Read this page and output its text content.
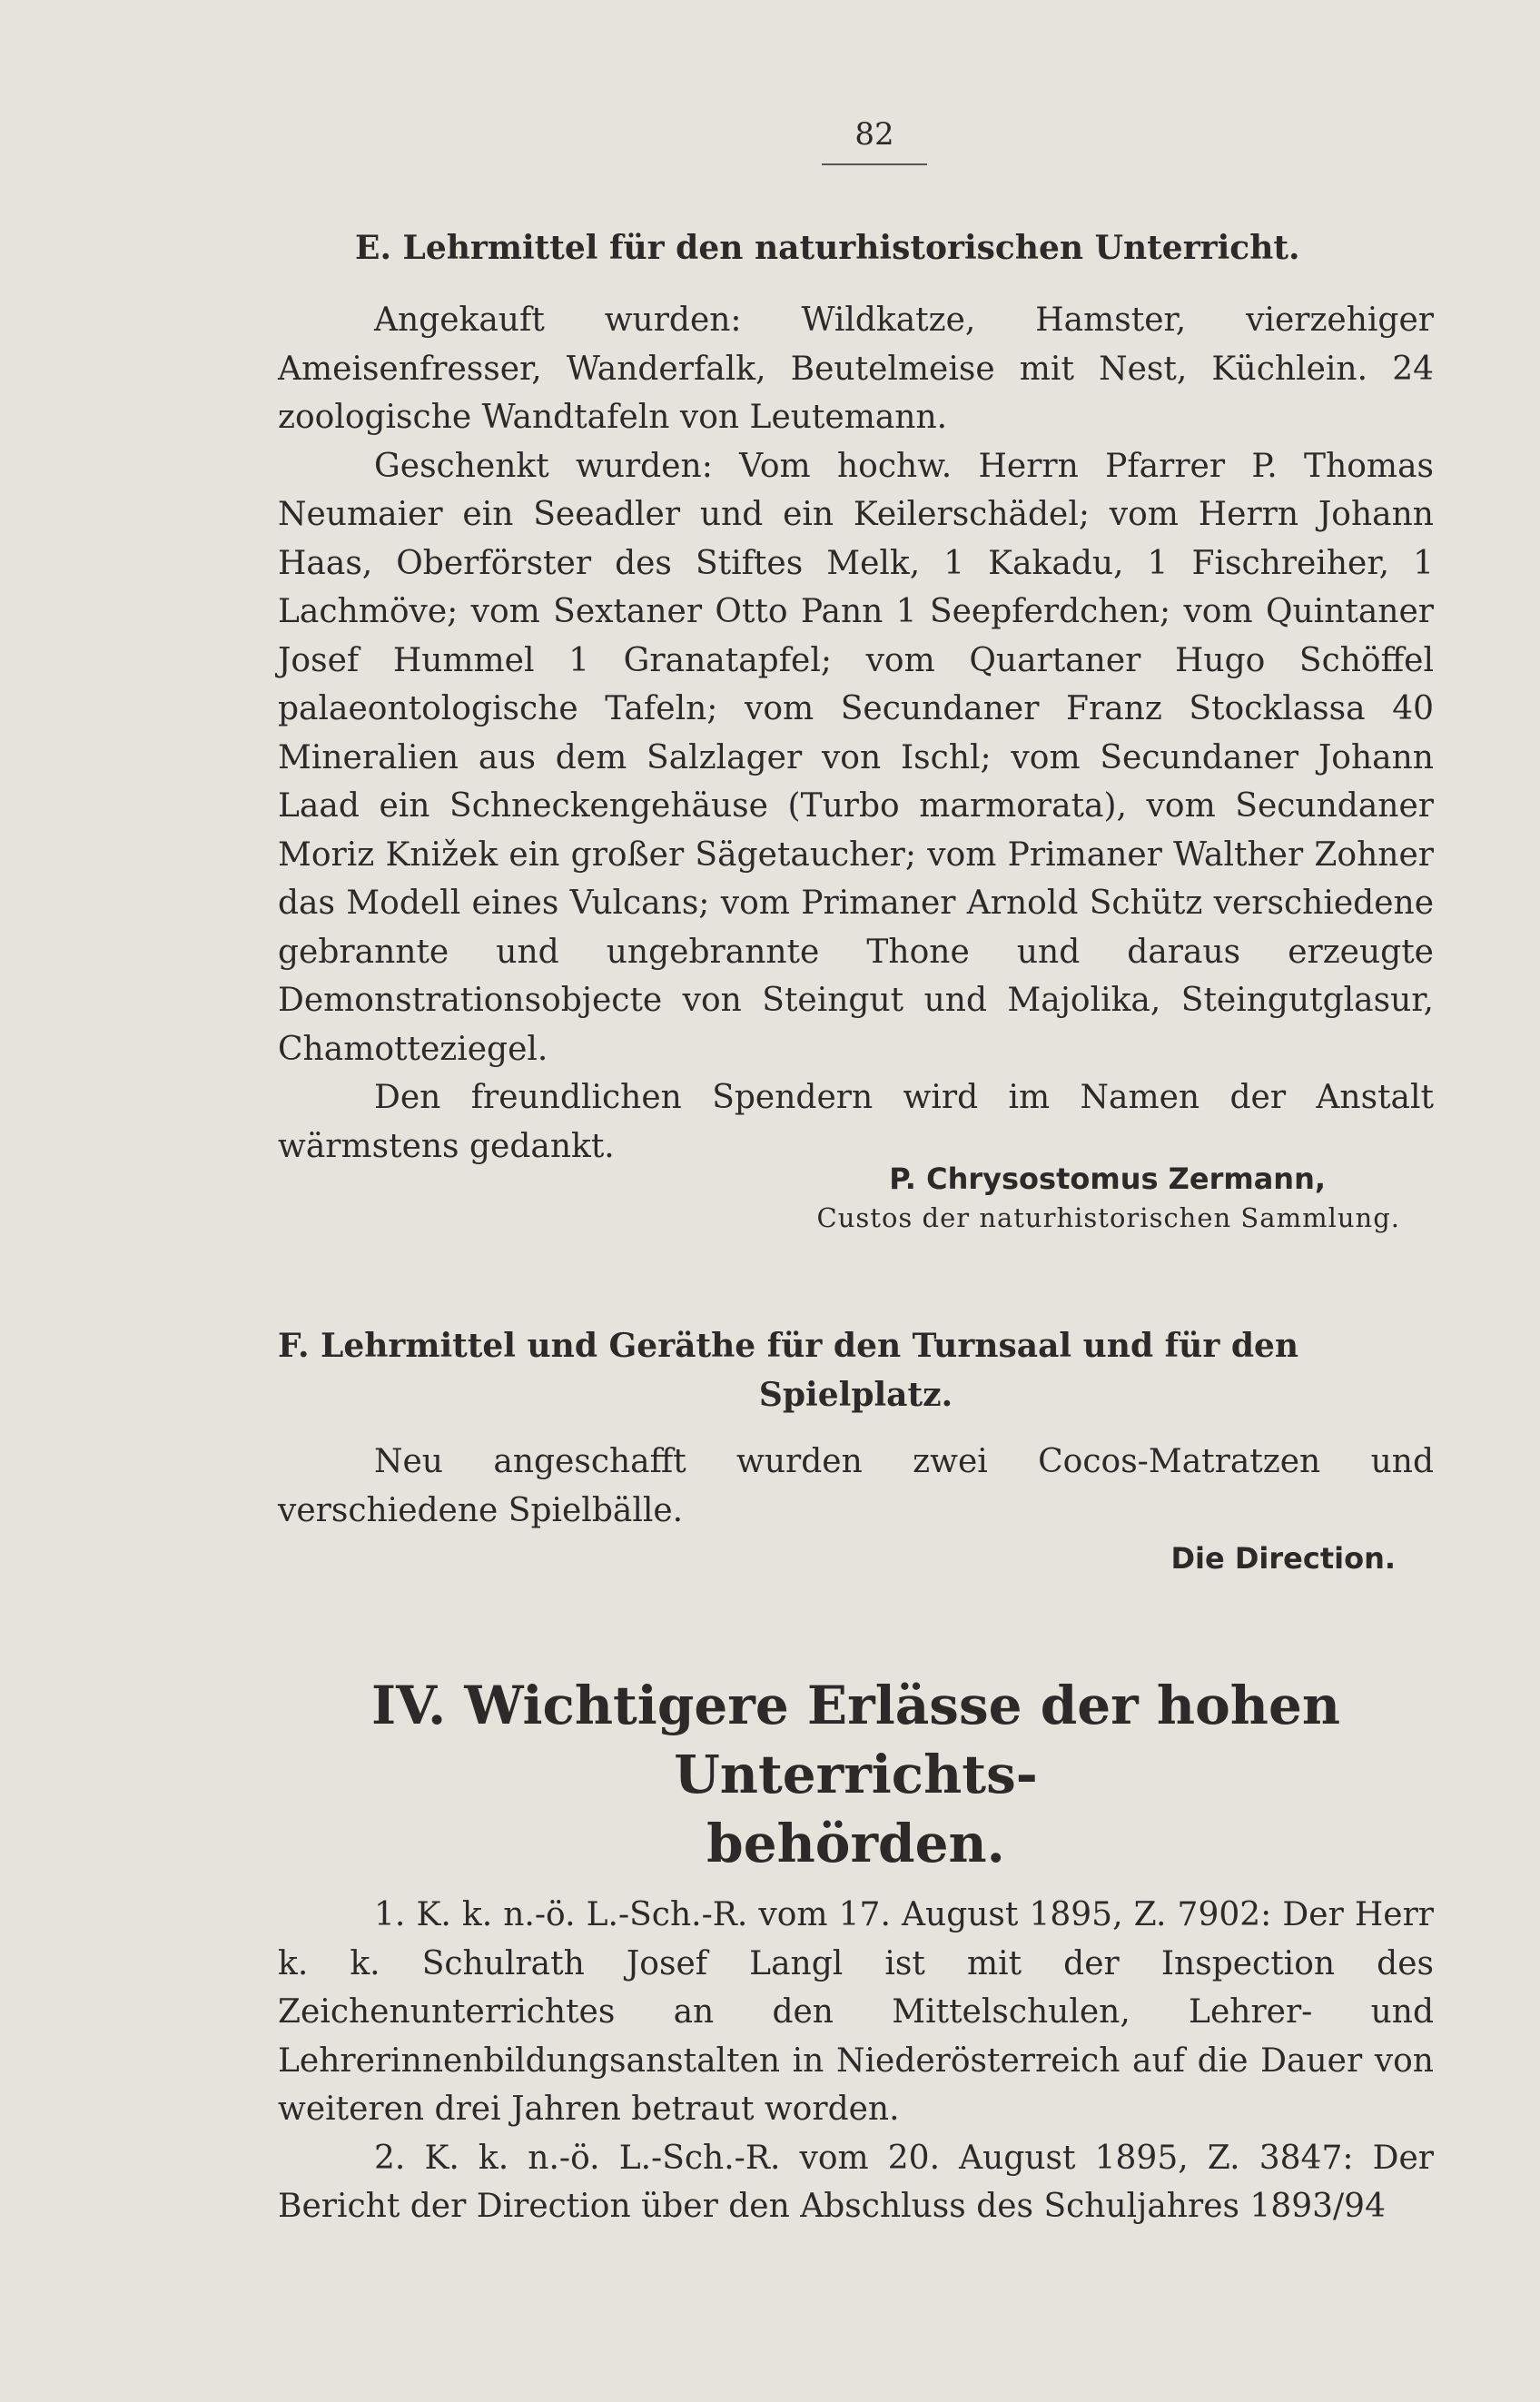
82
E. Lehrmittel für den naturhistorischen Unterricht.

Angekauft wurden: Wildkatze, Hamster, vierzehiger Ameisenfresser, Wanderfalk, Beutelmeise mit Nest, Küchlein. 24 zoologische Wandtafeln von Leutemann.

Geschenkt wurden: Vom hochw. Herrn Pfarrer P. Thomas Neumaier ein Seeadler und ein Keilerschädel; vom Herrn Johann Haas, Oberförster des Stiftes Melk, 1 Kakadu, 1 Fischreiher, 1 Lachmöve; vom Sextaner Otto Pann 1 Seepferdchen; vom Quintaner Josef Hummel 1 Granatapfel; vom Quartaner Hugo Schöffel palaeontologische Tafeln; vom Secundaner Franz Stocklassa 40 Mineralien aus dem Salzlager von Ischl; vom Secundaner Johann Laad ein Schneckengehäuse (Turbo marmorata), vom Secundaner Moriz Knižek ein großer Sägetaucher; vom Primaner Walther Zohner das Modell eines Vulcans; vom Primaner Arnold Schütz verschiedene gebrannte und ungebrannte Thone und daraus erzeugte Demonstrationsobjecte von Steingut und Majolika, Steingutglasur, Chamotteziegel.

Den freundlichen Spendern wird im Namen der Anstalt wärmstens gedankt.

P. Chrysostomus Zermann,
Custos der naturhistorischen Sammlung.
F. Lehrmittel und Geräthe für den Turnsaal und für den
Spielplatz.

Neu angeschafft wurden zwei Cocos-Matratzen und verschiedene Spielbälle.

Die Direction.
IV. Wichtigere Erlässe der hohen Unterrichts-
behörden.

1. K. k. n.-ö. L.-Sch.-R. vom 17. August 1895, Z. 7902: Der Herr k. k. Schulrath Josef Langl ist mit der Inspection des Zeichenunterrichtes an den Mittelschulen, Lehrer- und Lehrerinnenbildungsanstalten in Niederösterreich auf die Dauer von weiteren drei Jahren betraut worden.

2. K. k. n.-ö. L.-Sch.-R. vom 20. August 1895, Z. 3847: Der Bericht der Direction über den Abschluss des Schuljahres 1893/94
